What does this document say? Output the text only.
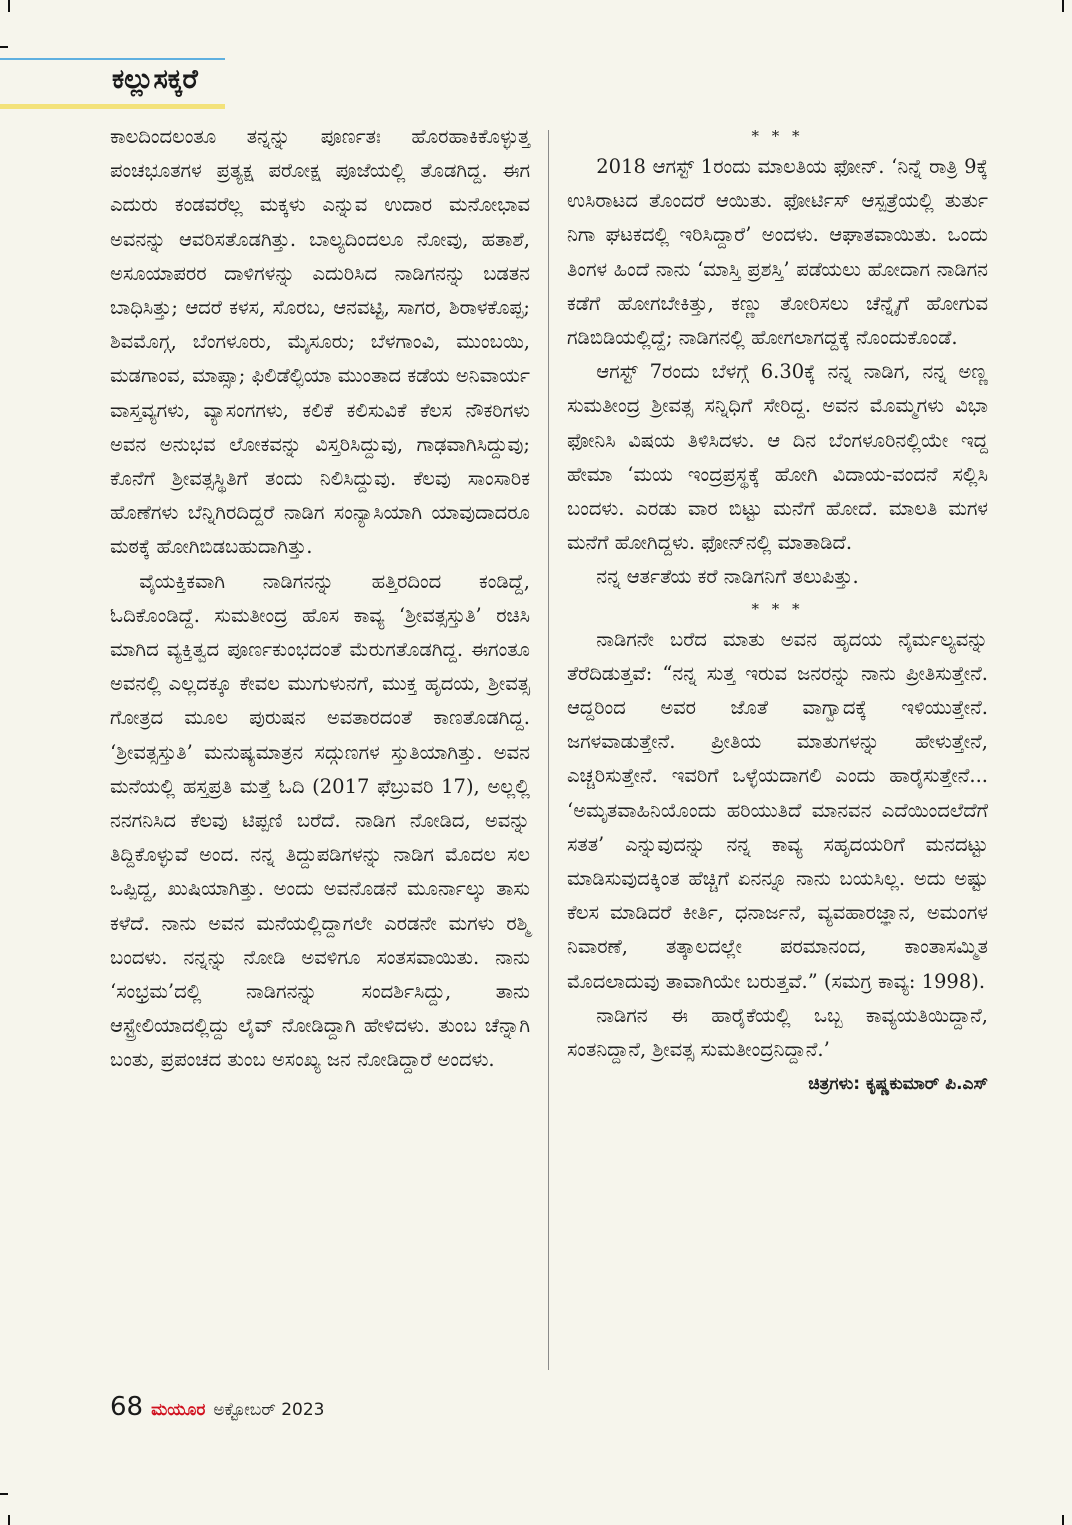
ಕಲ್ಲುಸಕ್ಕರೆ

ಕಾಲದಿಂದಲಂತೂ ತನ್ನನ್ನು ಪೂರ್ಣತಃ ಹೊರಹಾಕಿಕೊಳ್ಳುತ್ತ ಪಂಚಭೂತಗಳ ಪ್ರತ್ಯಕ್ಷ ಪರೋಕ್ಷ ಪೂಜೆಯಲ್ಲಿ ತೊಡಗಿದ್ದ. ಈಗ ಎದುರು ಕಂಡವರೆಲ್ಲ ಮಕ್ಕಳು ಎನ್ನುವ ಉದಾರ ಮನೋಭಾವ ಅವನನ್ನು ಆವರಿಸತೊಡಗಿತ್ತು. ಬಾಲ್ಯದಿಂದಲೂ ನೋವು, ಹತಾಶೆ, ಅಸೂಯಾಪರರ ದಾಳಿಗಳನ್ನು ಎದುರಿಸಿದ ನಾಡಿಗನನ್ನು ಬಡತನ ಬಾಧಿಸಿತ್ತು; ಆದರೆ ಕಳಸ, ಸೊರಬ, ಆನವಟ್ಟಿ, ಸಾಗರ, ಶಿರಾಳಕೊಪ್ಪ; ಶಿವಮೊಗ್ಗ, ಬೆಂಗಳೂರು, ಮೈಸೂರು; ಬೆಳಗಾಂವಿ, ಮುಂಬಯಿ, ಮಡಗಾಂವ, ಮಾಪ್ಸಾ; ಫಿಲಿಡೆಲ್ಫಿಯಾ ಮುಂತಾದ ಕಡೆಯ ಅನಿವಾರ್ಯ ವಾಸ್ತವ್ಯಗಳು, ವ್ಯಾಸಂಗಗಳು, ಕಲಿಕೆ ಕಲಿಸುವಿಕೆ ಕೆಲಸ ನೌಕರಿಗಳು ಅವನ ಅನುಭವ ಲೋಕವನ್ನು ವಿಸ್ತರಿಸಿದ್ದುವು, ಗಾಢವಾಗಿಸಿದ್ದುವು; ಕೊನೆಗೆ ಶ್ರೀವತ್ಸಸ್ಥಿತಿಗೆ ತಂದು ನಿಲಿಸಿದ್ದುವು. ಕೆಲವು ಸಾಂಸಾರಿಕ ಹೊಣೆಗಳು ಬೆನ್ನಿಗಿರದಿದ್ದರೆ ನಾಡಿಗ ಸಂನ್ಯಾಸಿಯಾಗಿ ಯಾವುದಾದರೂ ಮಠಕ್ಕೆ ಹೋಗಿಬಿಡಬಹುದಾಗಿತ್ತು.

ವೈಯಕ್ತಿಕವಾಗಿ ನಾಡಿಗನನ್ನು ಹತ್ತಿರದಿಂದ ಕಂಡಿದ್ದೆ, ಓದಿಕೊಂಡಿದ್ದೆ. ಸುಮತೀಂದ್ರ ಹೊಸ ಕಾವ್ಯ ‘ಶ್ರೀವತ್ಸಸ್ತುತಿ’ ರಚಿಸಿ ಮಾಗಿದ ವ್ಯಕ್ತಿತ್ವದ ಪೂರ್ಣಕುಂಭದಂತೆ ಮೆರುಗತೊಡಗಿದ್ದ. ಈಗಂತೂ ಅವನಲ್ಲಿ ಎಲ್ಲದಕ್ಕೂ ಕೇವಲ ಮುಗುಳುನಗೆ, ಮುಕ್ತ ಹೃದಯ, ಶ್ರೀವತ್ಸ ಗೋತ್ರದ ಮೂಲ ಪುರುಷನ ಅವತಾರದಂತೆ ಕಾಣತೊಡಗಿದ್ದ. ‘ಶ್ರೀವತ್ಸಸ್ತುತಿ’ ಮನುಷ್ಯಮಾತ್ರನ ಸದ್ಗುಣಗಳ ಸ್ತುತಿಯಾಗಿತ್ತು. ಅವನ ಮನೆಯಲ್ಲಿ ಹಸ್ತಪ್ರತಿ ಮತ್ತೆ ಓದಿ (2017 ಫೆಬ್ರುವರಿ 17), ಅಲ್ಲಲ್ಲಿ ನನಗನಿಸಿದ ಕೆಲವು ಟಿಪ್ಪಣಿ ಬರೆದೆ. ನಾಡಿಗ ನೋಡಿದ, ಅವನ್ನು ತಿದ್ದಿಕೊಳ್ಳುವೆ ಅಂದ. ನನ್ನ ತಿದ್ದುಪಡಿಗಳನ್ನು ನಾಡಿಗ ಮೊದಲ ಸಲ ಒಪ್ಪಿದ್ದ, ಖುಷಿಯಾಗಿತ್ತು. ಅಂದು ಅವನೊಡನೆ ಮೂರ್ನಾಲ್ಕು ತಾಸು ಕಳೆದೆ. ನಾನು ಅವನ ಮನೆಯಲ್ಲಿದ್ದಾಗಲೇ ಎರಡನೇ ಮಗಳು ರಶ್ಮಿ ಬಂದಳು. ನನ್ನನ್ನು ನೋಡಿ ಅವಳಿಗೂ ಸಂತಸವಾಯಿತು. ನಾನು ‘ಸಂಭ್ರಮ’ದಲ್ಲಿ ನಾಡಿಗನನ್ನು ಸಂದರ್ಶಿಸಿದ್ದು, ತಾನು ಆಸ್ಟ್ರೇಲಿಯಾದಲ್ಲಿದ್ದು ಲೈವ್ ನೋಡಿದ್ದಾಗಿ ಹೇಳಿದಳು. ತುಂಬ ಚೆನ್ನಾಗಿ ಬಂತು, ಪ್ರಪಂಚದ ತುಂಬ ಅಸಂಖ್ಯ ಜನ ನೋಡಿದ್ದಾರೆ ಅಂದಳು.

* * *

2018 ಆಗಸ್ಟ್ 1ರಂದು ಮಾಲತಿಯ ಫೋನ್. ‘ನಿನ್ನೆ ರಾತ್ರಿ 9ಕ್ಕೆ ಉಸಿರಾಟದ ತೊಂದರೆ ಆಯಿತು. ಫೋರ್ಟಿಸ್ ಆಸ್ಪತ್ರೆಯಲ್ಲಿ ತುರ್ತು ನಿಗಾ ಘಟಕದಲ್ಲಿ ಇರಿಸಿದ್ದಾರೆ’ ಅಂದಳು. ಆಘಾತವಾಯಿತು. ಒಂದು ತಿಂಗಳ ಹಿಂದೆ ನಾನು ‘ಮಾಸ್ತಿ ಪ್ರಶಸ್ತಿ’ ಪಡೆಯಲು ಹೋದಾಗ ನಾಡಿಗನ ಕಡೆಗೆ ಹೋಗಬೇಕಿತ್ತು, ಕಣ್ಣು ತೋರಿಸಲು ಚೆನ್ನೈಗೆ ಹೋಗುವ ಗಡಿಬಿಡಿಯಲ್ಲಿದ್ದೆ; ನಾಡಿಗನಲ್ಲಿ ಹೋಗಲಾಗದ್ದಕ್ಕೆ ನೊಂದುಕೊಂಡೆ.

ಆಗಸ್ಟ್ 7ರಂದು ಬೆಳಗ್ಗೆ 6.30ಕ್ಕೆ ನನ್ನ ನಾಡಿಗ, ನನ್ನ ಅಣ್ಣ ಸುಮತೀಂದ್ರ ಶ್ರೀವತ್ಸ ಸನ್ನಿಧಿಗೆ ಸೇರಿದ್ದ. ಅವನ ಮೊಮ್ಮಗಳು ವಿಭಾ ಫೋನಿಸಿ ವಿಷಯ ತಿಳಿಸಿದಳು. ಆ ದಿನ ಬೆಂಗಳೂರಿನಲ್ಲಿಯೇ ಇದ್ದ ಹೇಮಾ ‘ಮಯ ಇಂದ್ರಪ್ರಸ್ಥಕ್ಕೆ ಹೋಗಿ ವಿದಾಯ-ವಂದನೆ ಸಲ್ಲಿಸಿ ಬಂದಳು. ಎರಡು ವಾರ ಬಿಟ್ಟು ಮನೆಗೆ ಹೋದೆ. ಮಾಲತಿ ಮಗಳ ಮನೆಗೆ ಹೋಗಿದ್ದಳು. ಫೋನ್‌ನಲ್ಲಿ ಮಾತಾಡಿದೆ.

ನನ್ನ ಆರ್ತತೆಯ ಕರೆ ನಾಡಿಗನಿಗೆ ತಲುಪಿತ್ತು.

* * *

ನಾಡಿಗನೇ ಬರೆದ ಮಾತು ಅವನ ಹೃದಯ ನೈರ್ಮಲ್ಯವನ್ನು ತೆರೆದಿಡುತ್ತವೆ: “ನನ್ನ ಸುತ್ತ ಇರುವ ಜನರನ್ನು ನಾನು ಪ್ರೀತಿಸುತ್ತೇನೆ. ಆದ್ದರಿಂದ ಅವರ ಜೊತೆ ವಾಗ್ವಾದಕ್ಕೆ ಇಳಿಯುತ್ತೇನೆ. ಜಗಳವಾಡುತ್ತೇನೆ. ಪ್ರೀತಿಯ ಮಾತುಗಳನ್ನು ಹೇಳುತ್ತೇನೆ, ಎಚ್ಚರಿಸುತ್ತೇನೆ. ಇವರಿಗೆ ಒಳ್ಳೆಯದಾಗಲಿ ಎಂದು ಹಾರೈಸುತ್ತೇನೆ... ‘ಅಮೃತವಾಹಿನಿಯೊಂದು ಹರಿಯುತಿದೆ ಮಾನವನ ಎದೆಯಿಂದಲೆದೆಗೆ ಸತತ’ ಎನ್ನುವುದನ್ನು ನನ್ನ ಕಾವ್ಯ ಸಹೃದಯರಿಗೆ ಮನದಟ್ಟು ಮಾಡಿಸುವುದಕ್ಕಿಂತ ಹೆಚ್ಚಿಗೆ ಏನನ್ನೂ ನಾನು ಬಯಸಿಲ್ಲ. ಅದು ಅಷ್ಟು ಕೆಲಸ ಮಾಡಿದರೆ ಕೀರ್ತಿ, ಧನಾರ್ಜನೆ, ವ್ಯವಹಾರಜ್ಞಾನ, ಅಮಂಗಳ ನಿವಾರಣೆ, ತತ್ಕಾಲದಲ್ಲೇ ಪರಮಾನಂದ, ಕಾಂತಾಸಮ್ಮಿತ ಮೊದಲಾದುವು ತಾವಾಗಿಯೇ ಬರುತ್ತವೆ.” (ಸಮಗ್ರ ಕಾವ್ಯ: 1998).

ನಾಡಿಗನ ಈ ಹಾರೈಕೆಯಲ್ಲಿ ಒಬ್ಬ ಕಾವ್ಯಯತಿಯಿದ್ದಾನೆ, ಸಂತನಿದ್ದಾನೆ, ಶ್ರೀವತ್ಸ ಸುಮತೀಂದ್ರನಿದ್ದಾನೆ.’

ಚಿತ್ರಗಳು: ಕೃಷ್ಣಕುಮಾರ್ ಪಿ.ಎಸ್
68 ಮಯೂರ ಅಕ್ಟೋಬರ್ 2023
